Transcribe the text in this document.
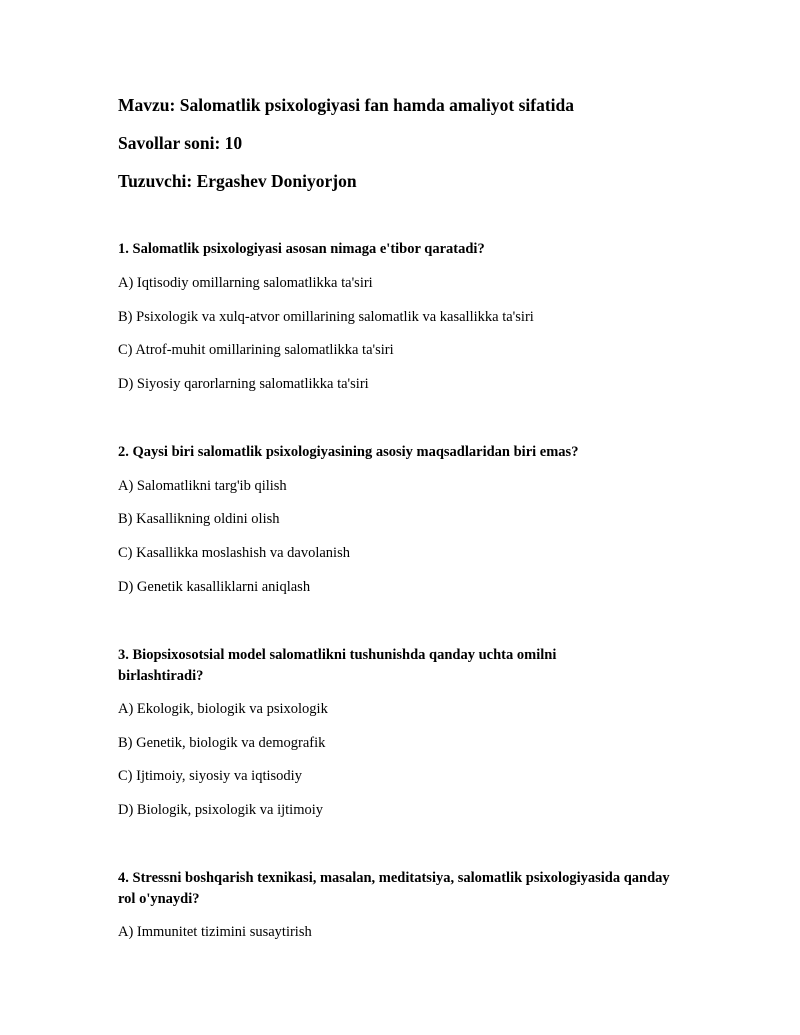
Mavzu: Salomatlik psixologiyasi fan hamda amaliyot sifatida
Savollar soni: 10
Tuzuvchi: Ergashev Doniyorjon
1. Salomatlik psixologiyasi asosan nimaga e'tibor qaratadi?
A) Iqtisodiy omillarning salomatlikka ta'siri
B) Psixologik va xulq-atvor omillarining salomatlik va kasallikka ta'siri
C) Atrof-muhit omillarining salomatlikka ta'siri
D) Siyosiy qarorlarning salomatlikka ta'siri
2. Qaysi biri salomatlik psixologiyasining asosiy maqsadlaridan biri emas?
A) Salomatlikni targ'ib qilish
B) Kasallikning oldini olish
C) Kasallikka moslashish va davolanish
D) Genetik kasalliklarni aniqlash
3. Biopsixosotsial model salomatlikni tushunishda qanday uchta omilni birlashtiradi?
A) Ekologik, biologik va psixologik
B) Genetik, biologik va demografik
C) Ijtimoiy, siyosiy va iqtisodiy
D) Biologik, psixologik va ijtimoiy
4. Stressni boshqarish texnikasi, masalan, meditatsiya, salomatlik psixologiyasida qanday rol o'ynaydi?
A) Immunitet tizimini susaytirish
